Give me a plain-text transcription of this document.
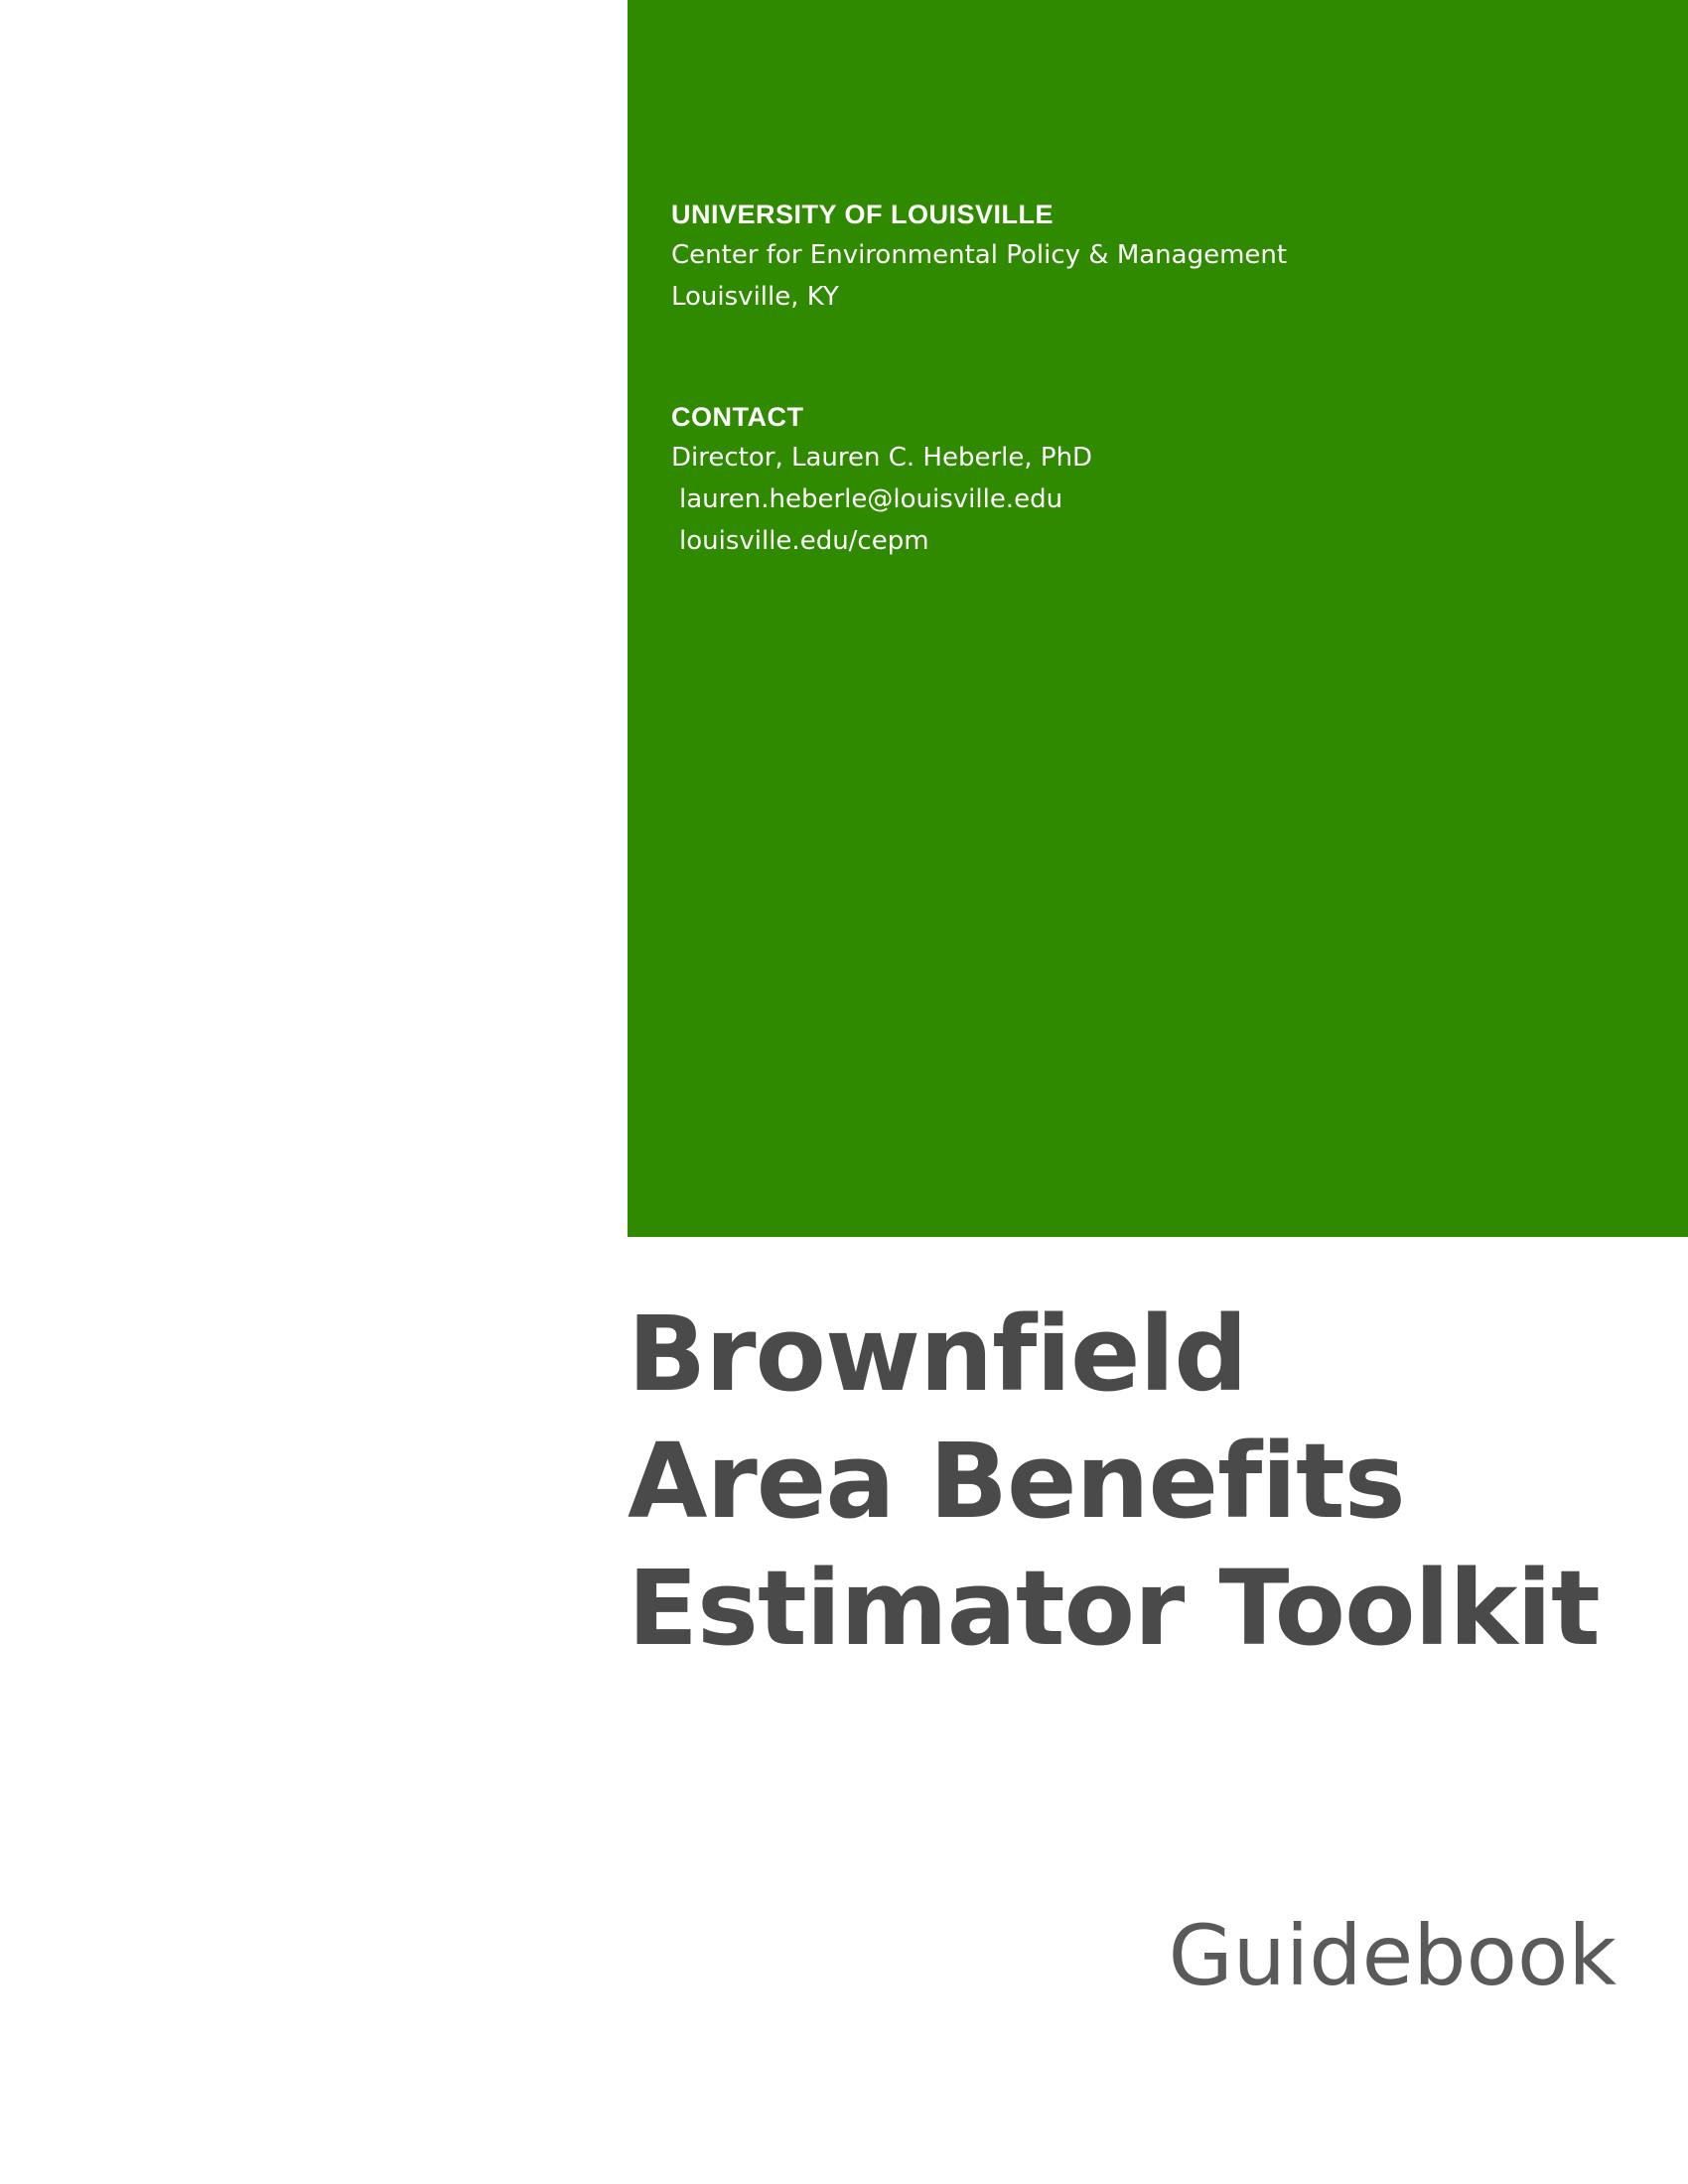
UNIVERSITY OF LOUISVILLE
Center for Environmental Policy & Management
Louisville, KY
CONTACT
Director, Lauren C. Heberle, PhD
lauren.heberle@louisville.edu
louisville.edu/cepm
Brownfield
Area Benefits
Estimator Toolkit
Guidebook
